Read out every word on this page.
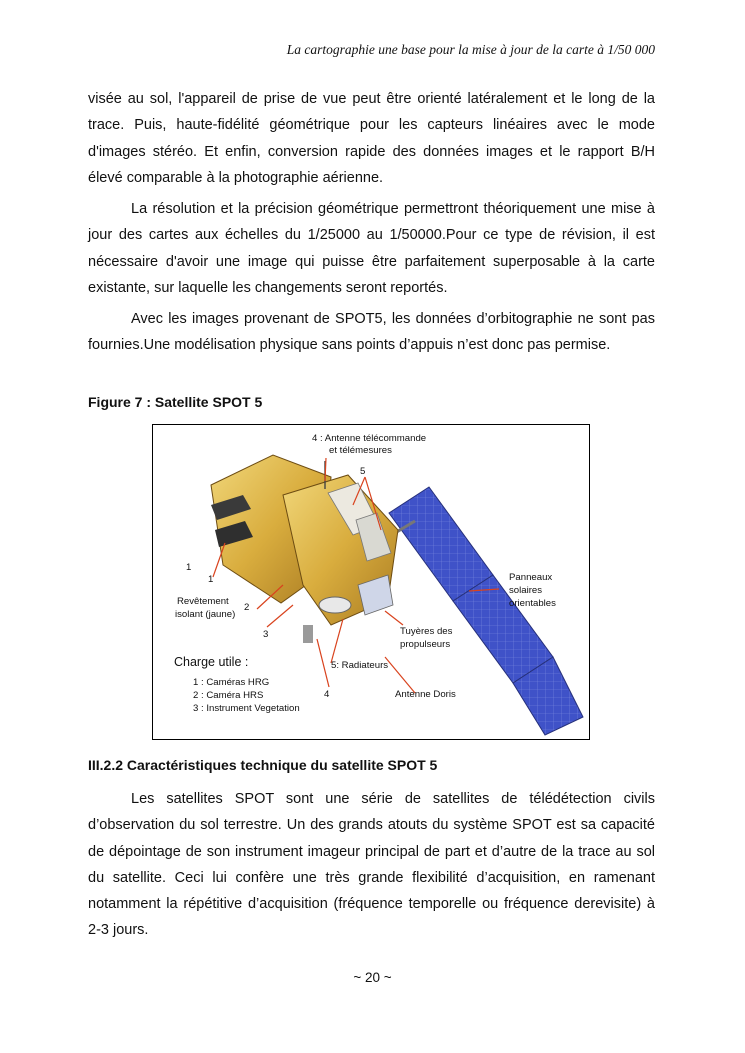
La cartographie une base pour la mise à jour de la carte à 1/50 000

visée au sol, l'appareil de prise de vue peut être orienté latéralement et le long de la trace. Puis, haute-fidélité géométrique pour les capteurs linéaires avec le mode d'images stéréo. Et enfin, conversion rapide des données images et le rapport B/H élevé comparable à la photographie aérienne.

La résolution et la précision géométrique permettront théoriquement une mise à jour des cartes aux échelles du 1/25000 au 1/50000.Pour ce type de révision, il est nécessaire d'avoir une image qui puisse être parfaitement superposable à la carte existante, sur laquelle les changements seront reportés.

Avec les images provenant de SPOT5, les données d’orbitographie ne sont pas fournies.Une modélisation physique sans points d’appuis n’est donc pas permise.

Figure 7 : Satellite SPOT 5
4 : Antenne télécommande
et télémesures
5
1
1
Revêtement
isolant (jaune)
2
3
Panneaux
solaires
orientables
Tuyères des
propulseurs
5: Radiateurs
4	Antenne Doris
Charge utile :
1 : Caméras HRG
2 : Caméra HRS
3 : Instrument Vegetation
III.2.2 Caractéristiques technique du satellite SPOT 5

Les satellites SPOT sont une série de satellites de télédétection civils d’observation du sol terrestre. Un des grands atouts du système SPOT est sa capacité de dépointage de son instrument imageur principal de part et d’autre de la trace au sol du satellite. Ceci lui confère une très grande flexibilité d’acquisition, en ramenant notamment la répétitive d’acquisition (fréquence temporelle ou fréquence derevisite) à 2-3 jours.

~ 20 ~
